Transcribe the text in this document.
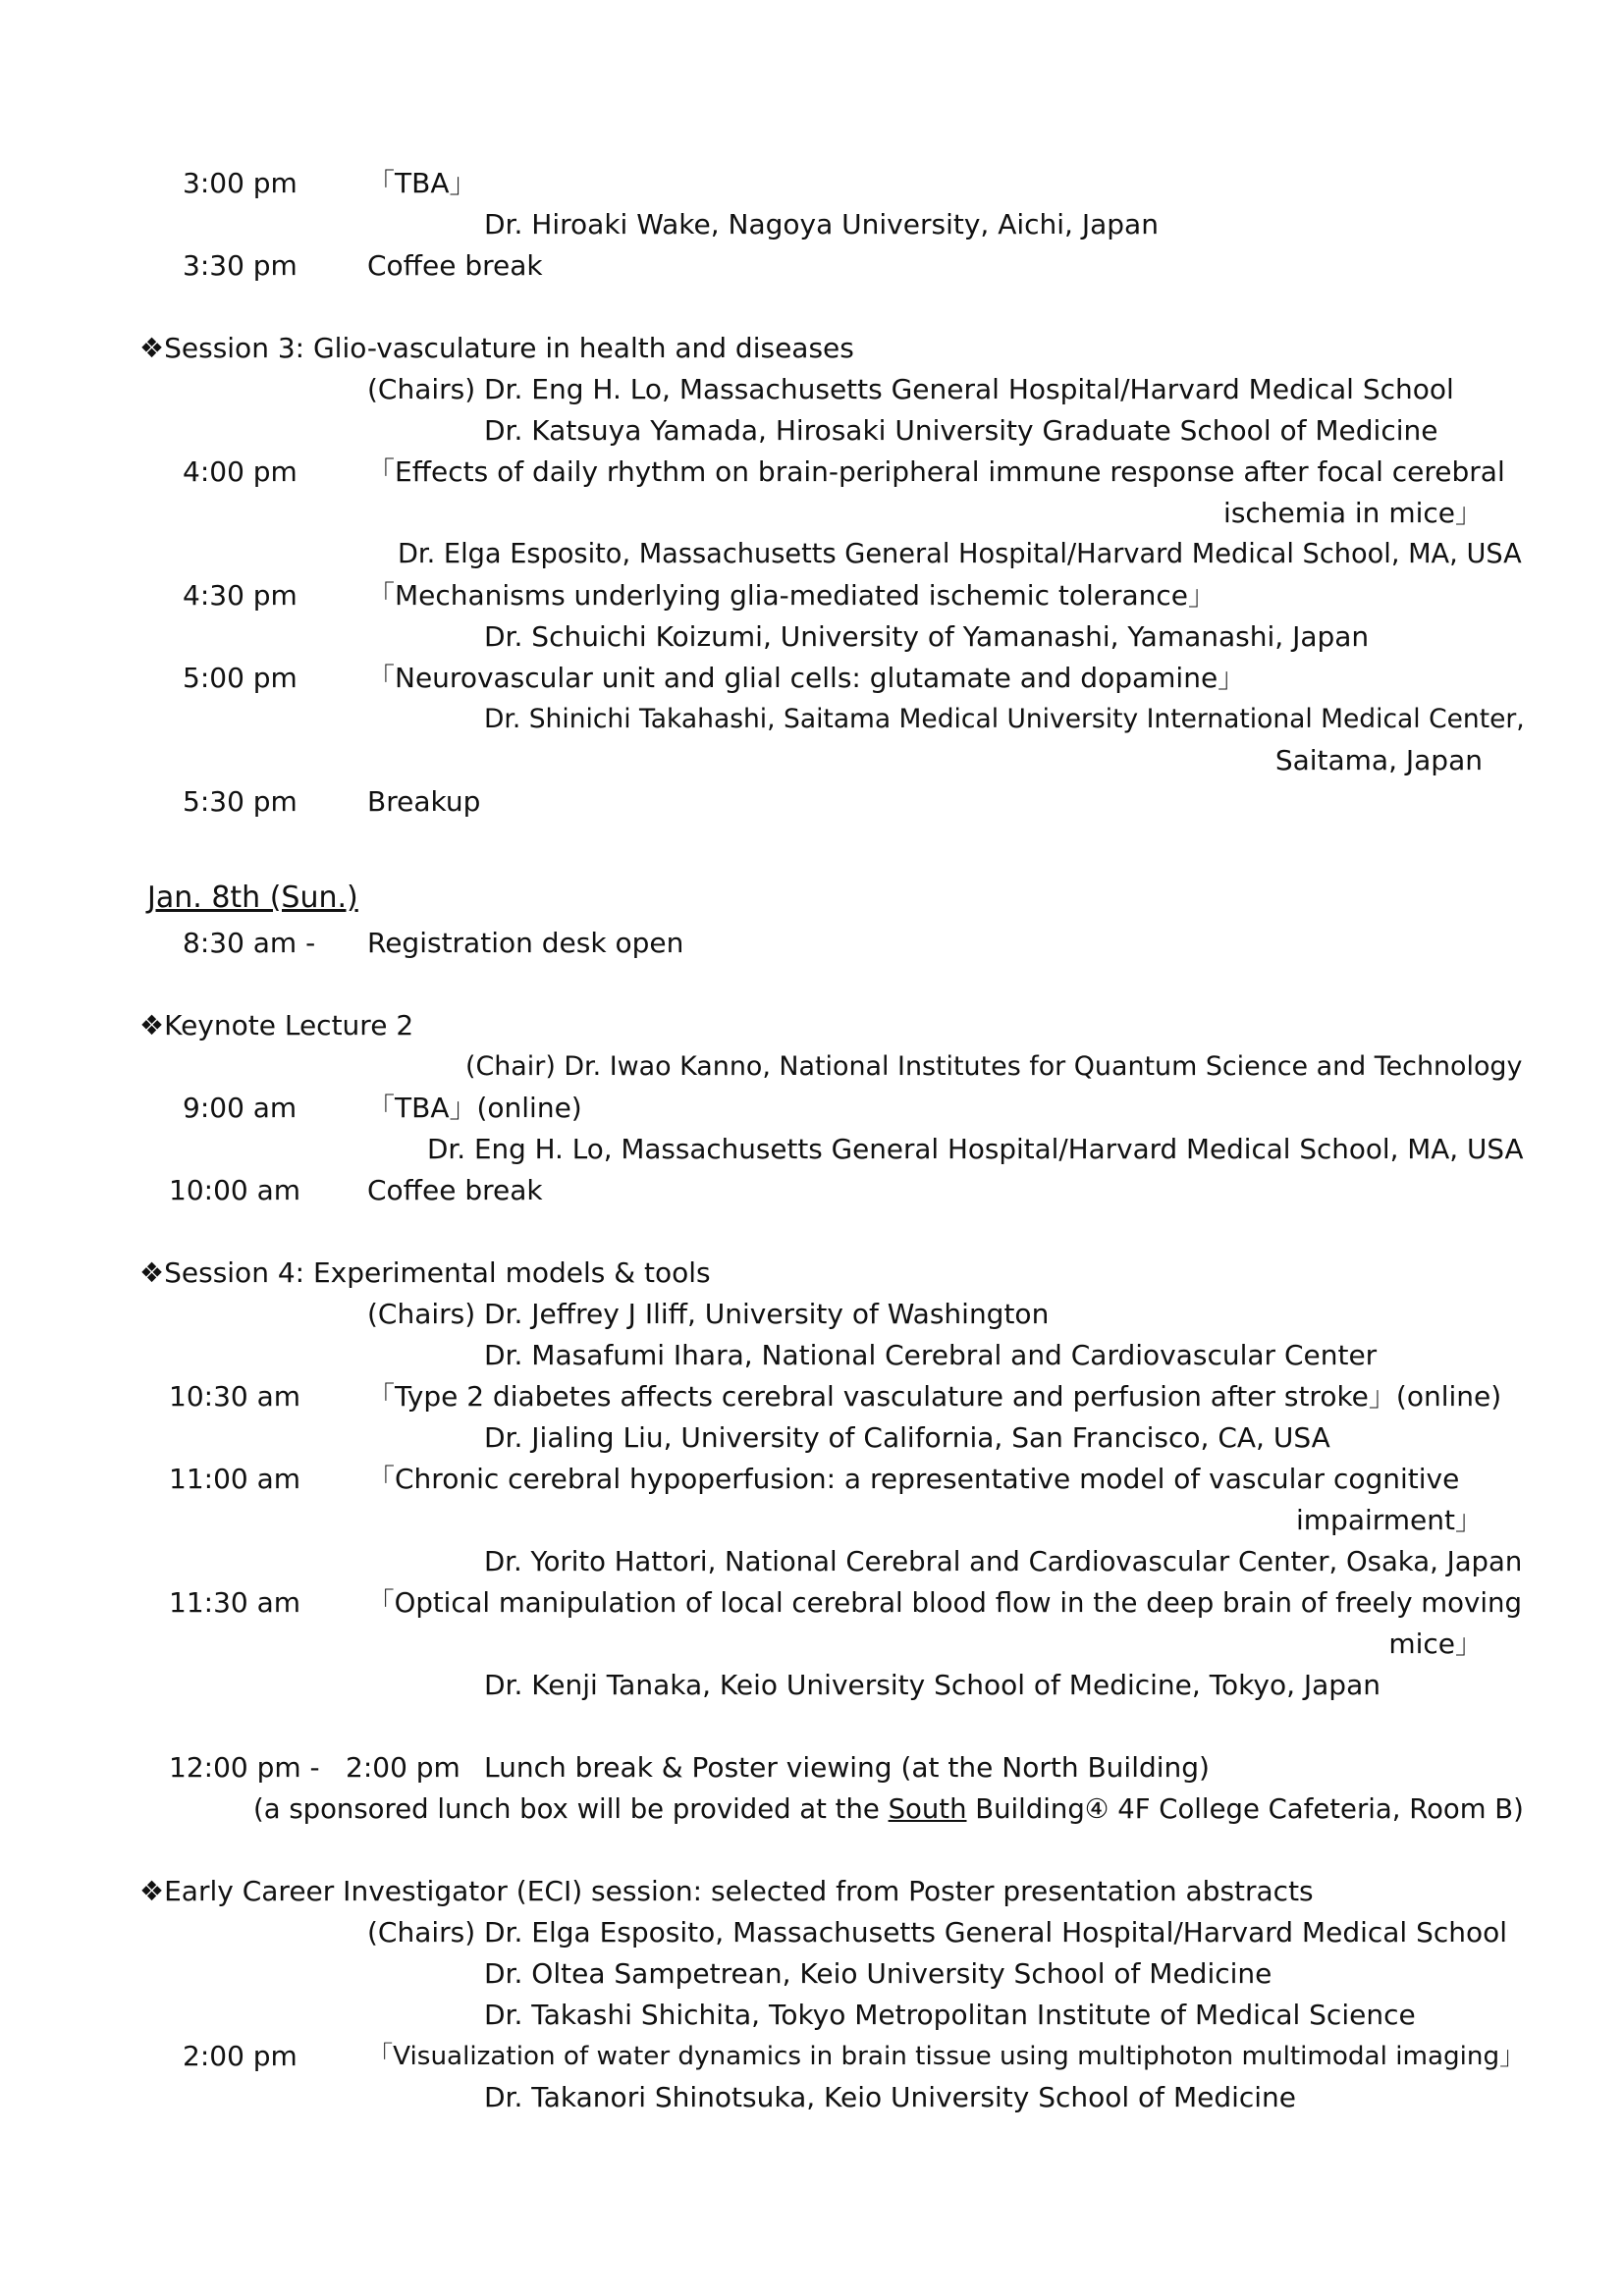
3:00 pm	「TBA」
Dr. Hiroaki Wake, Nagoya University, Aichi, Japan
3:30 pm	Coffee break
❖Session 3: Glio-vasculature in health and diseases
(Chairs) Dr. Eng H. Lo, Massachusetts General Hospital/Harvard Medical School
Dr. Katsuya Yamada, Hirosaki University Graduate School of Medicine
4:00 pm	「Effects of daily rhythm on brain-peripheral immune response after focal cerebral
ischemia in mice」
Dr. Elga Esposito, Massachusetts General Hospital/Harvard Medical School, MA, USA
4:30 pm	「Mechanisms underlying glia-mediated ischemic tolerance」
Dr. Schuichi Koizumi, University of Yamanashi, Yamanashi, Japan
5:00 pm	「Neurovascular unit and glial cells: glutamate and dopamine」
Dr. Shinichi Takahashi, Saitama Medical University International Medical Center,
Saitama, Japan
5:30 pm	Breakup
Jan. 8th (Sun.)
8:30 am - Registration desk open
❖Keynote Lecture 2
(Chair) Dr. Iwao Kanno, National Institutes for Quantum Science and Technology
9:00 am	「TBA」(online)
Dr. Eng H. Lo, Massachusetts General Hospital/Harvard Medical School, MA, USA
10:00 am Coffee break
❖Session 4: Experimental models & tools
(Chairs) Dr. Jeffrey J Iliff, University of Washington
Dr. Masafumi Ihara, National Cerebral and Cardiovascular Center
10:30 am 「Type 2 diabetes affects cerebral vasculature and perfusion after stroke」(online)
Dr. Jialing Liu, University of California, San Francisco, CA, USA
11:00 am 「Chronic cerebral hypoperfusion: a representative model of vascular cognitive
impairment」
Dr. Yorito Hattori, National Cerebral and Cardiovascular Center, Osaka, Japan
11:30 am 「Optical manipulation of local cerebral blood flow in the deep brain of freely moving
mice」
Dr. Kenji Tanaka, Keio University School of Medicine, Tokyo, Japan
12:00 pm - 2:00 pm Lunch break & Poster viewing (at the North Building)
(a sponsored lunch box will be provided at the South Building④ 4F College Cafeteria, Room B)
❖Early Career Investigator (ECI) session: selected from Poster presentation abstracts
(Chairs) Dr. Elga Esposito, Massachusetts General Hospital/Harvard Medical School
Dr. Oltea Sampetrean, Keio University School of Medicine
Dr. Takashi Shichita, Tokyo Metropolitan Institute of Medical Science
2:00 pm	「Visualization of water dynamics in brain tissue using multiphoton multimodal imaging」
Dr. Takanori Shinotsuka, Keio University School of Medicine
